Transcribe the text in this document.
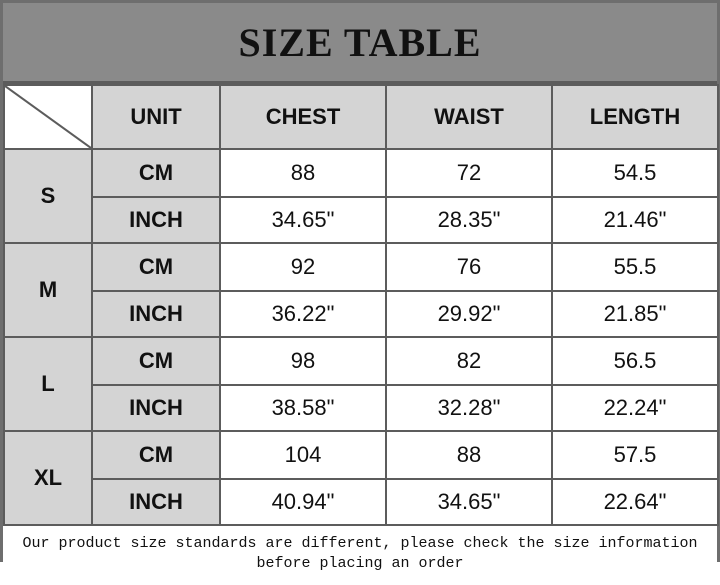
SIZE TABLE
	UNIT	CHEST	WAIST	LENGTH
S	CM	88	72	54.5
	INCH	34.65"	28.35"	21.46"
M	CM	92	76	55.5
	INCH	36.22"	29.92"	21.85"
L	CM	98	82	56.5
	INCH	38.58"	32.28"	22.24"
XL	CM	104	88	57.5
	INCH	40.94"	34.65"	22.64"
Our product size standards are different, please check the size information
before placing an order
